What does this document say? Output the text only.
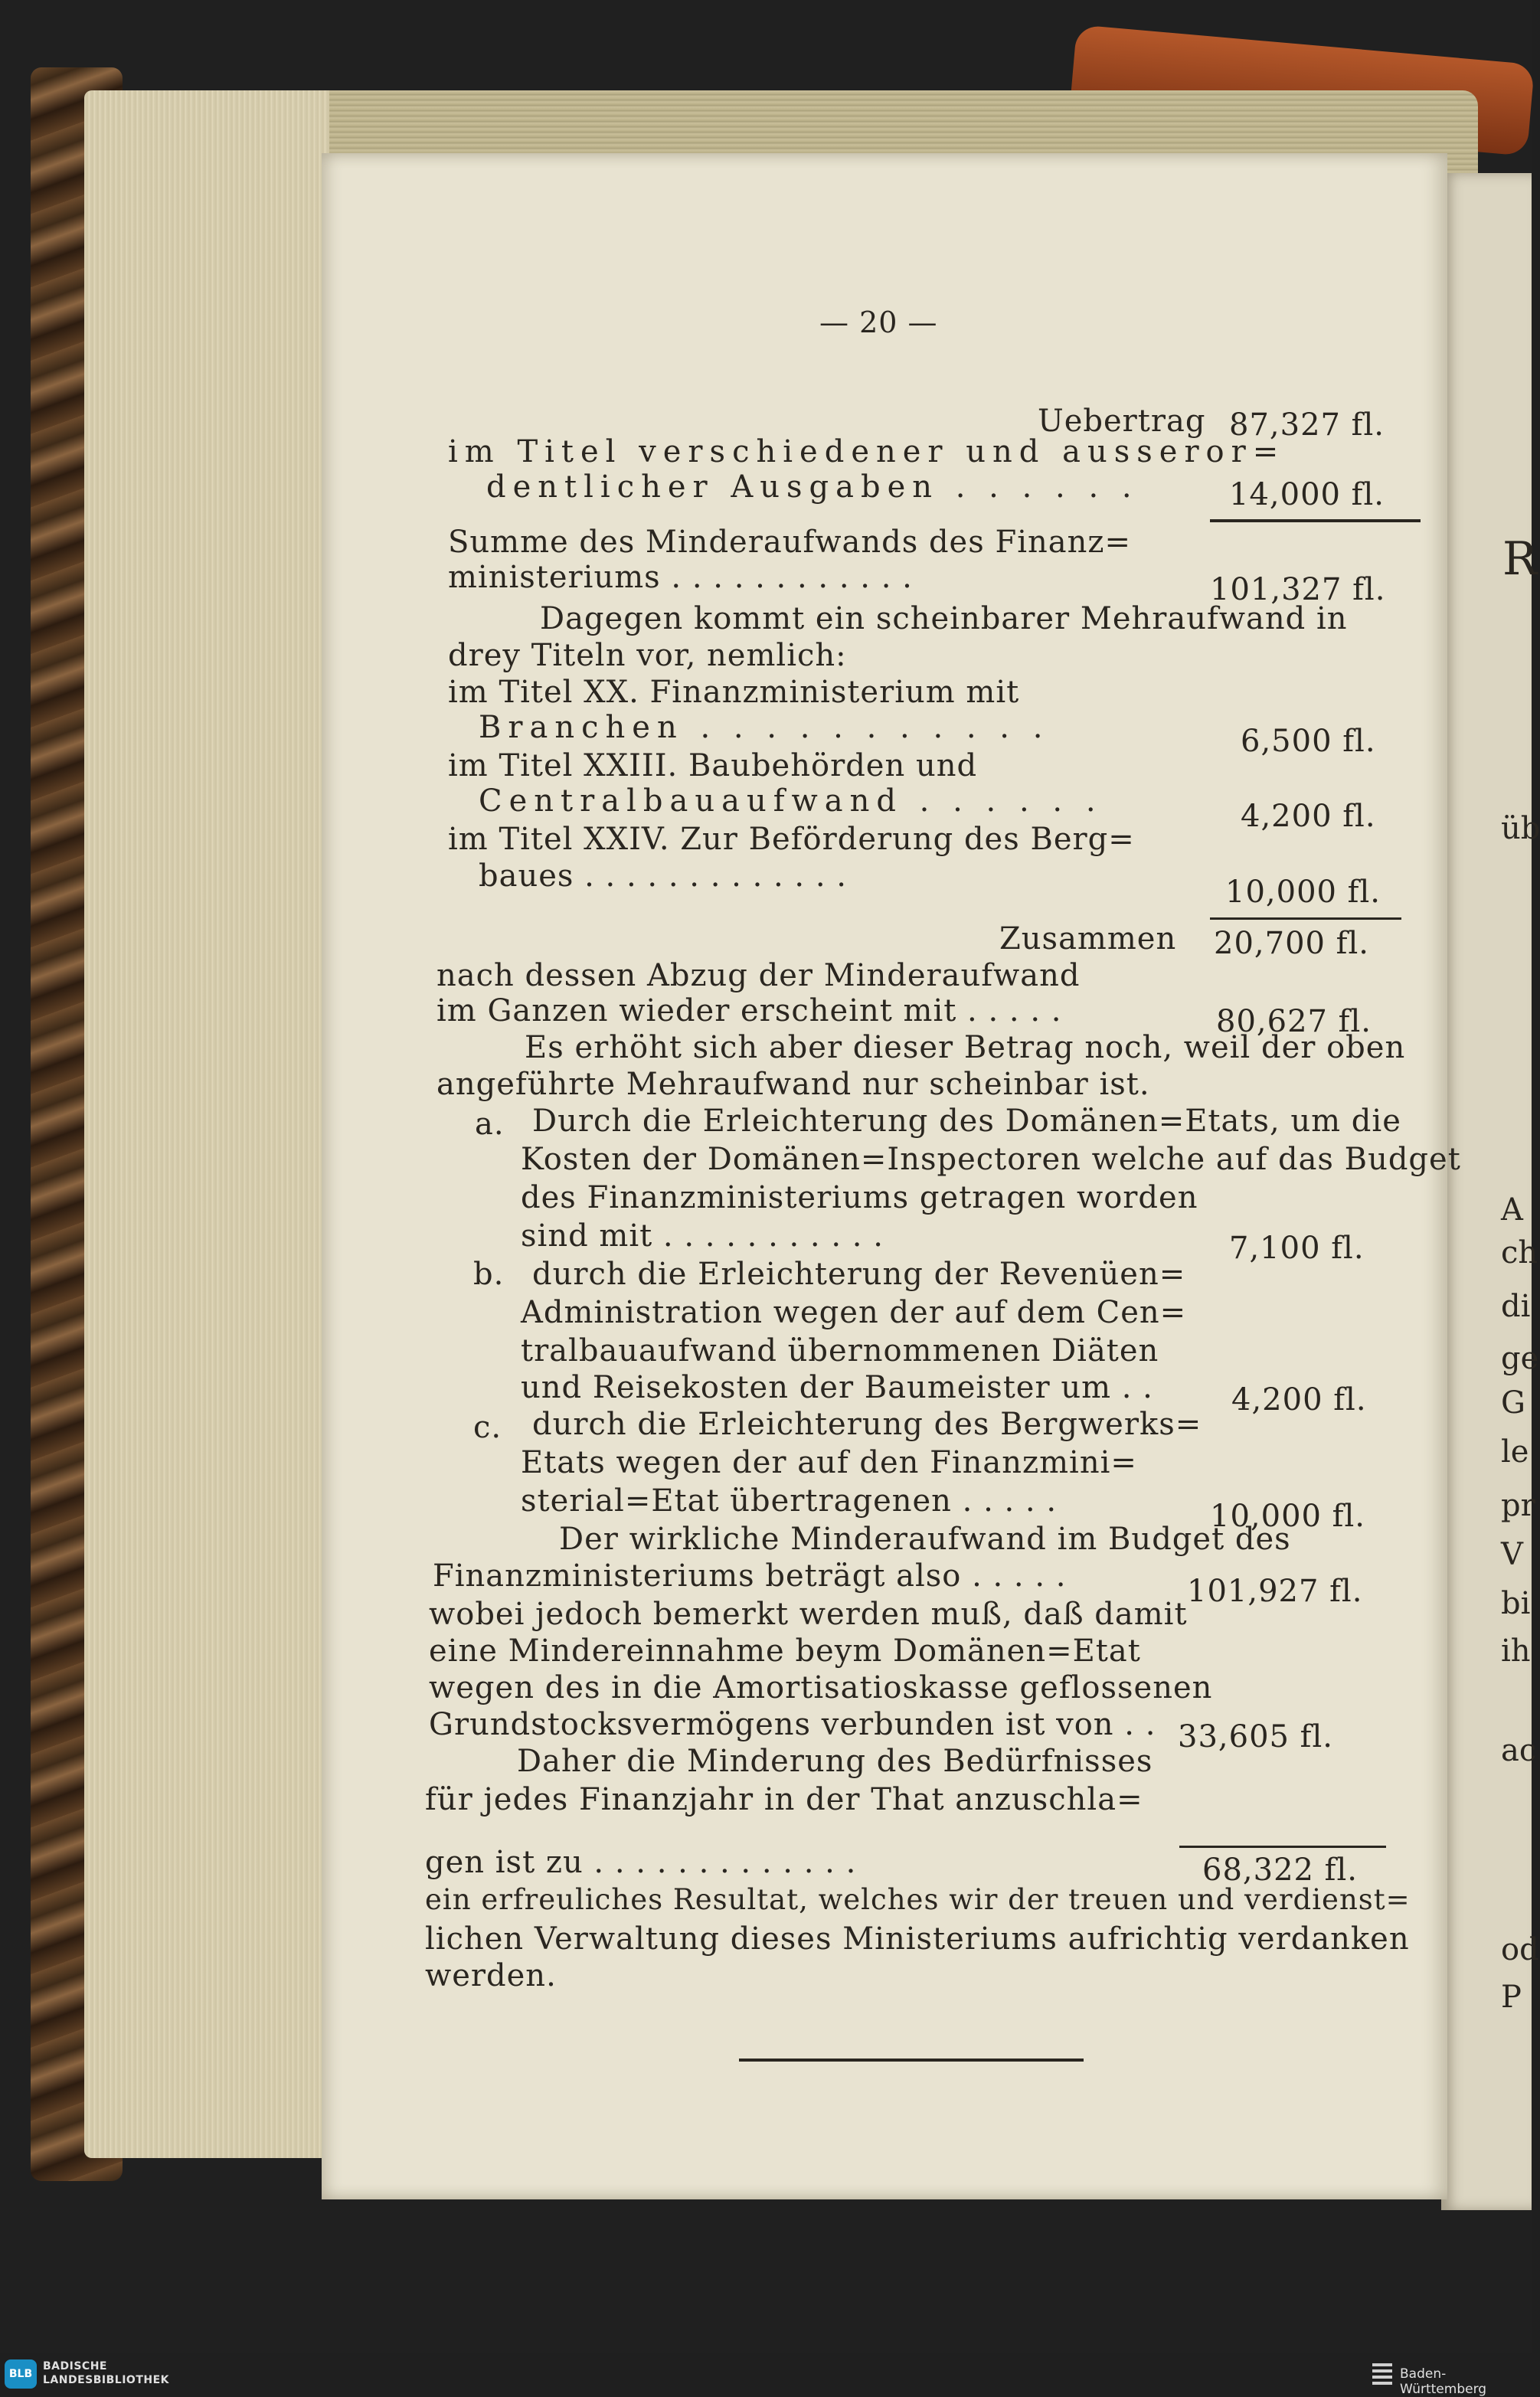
— 20 —
Uebertrag 87,327 fl.
im Titel verschiedener und ausseror=
dentlicher Ausgaben . . . . . .	14,000 fl.
Summe des Minderaufwands des Finanz=
ministeriums . . . . . . . . . . . .	101,327 fl.
Dagegen kommt ein scheinbarer Mehraufwand in
drey Titeln vor, nemlich:
im Titel XX. Finanzministerium mit
Branchen . . . . . . . . . . .	6,500 fl.
im Titel XXIII. Baubehörden und
Centralbauaufwand . . . . . .	4,200 fl.
im Titel XXIV. Zur Beförderung des Berg=
baues . . . . . . . . . . . . .	10,000 fl.
Zusammen 20,700 fl.
nach dessen Abzug der Minderaufwand
im Ganzen wieder erscheint mit . . . . .	80,627 fl.
Es erhöht sich aber dieser Betrag noch, weil der oben
angeführte Mehraufwand nur scheinbar ist.
a. Durch die Erleichterung des Domänen=Etats, um die
Kosten der Domänen=Inspectoren welche auf das Budget
des Finanzministeriums getragen worden
sind mit . . . . . . . . . . .	7,100 fl.
b. durch die Erleichterung der Revenüen=
Administration wegen der auf dem Cen=
tralbauaufwand übernommenen Diäten
und Reisekosten der Baumeister um . .	4,200 fl.
c. durch die Erleichterung des Bergwerks=
Etats wegen der auf den Finanzmini=
sterial=Etat übertragenen . . . . .	10,000 fl.
Der wirkliche Minderaufwand im Budget des
Finanzministeriums beträgt also . . . . .	101,927 fl.
wobei jedoch bemerkt werden muß, daß damit
eine Mindereinnahme beym Domänen=Etat
wegen des in die Amortisatioskasse geflossenen
Grundstocksvermögens verbunden ist von . . 33,605 fl.
Daher die Minderung des Bedürfnisses
für jedes Finanzjahr in der That anzuschla=
gen ist zu . . . . . . . . . . . . .	68,322 fl.
ein erfreuliches Resultat, welches wir der treuen und verdienst=
lichen Verwaltung dieses Ministeriums aufrichtig verdanken
werden.
R
üb
A
ch
di
ge
G
le
pr
V
bi
ih
ac
od
P
BLB
BADISCHE
LANDESBIBLIOTHEK	Baden-Württemberg
